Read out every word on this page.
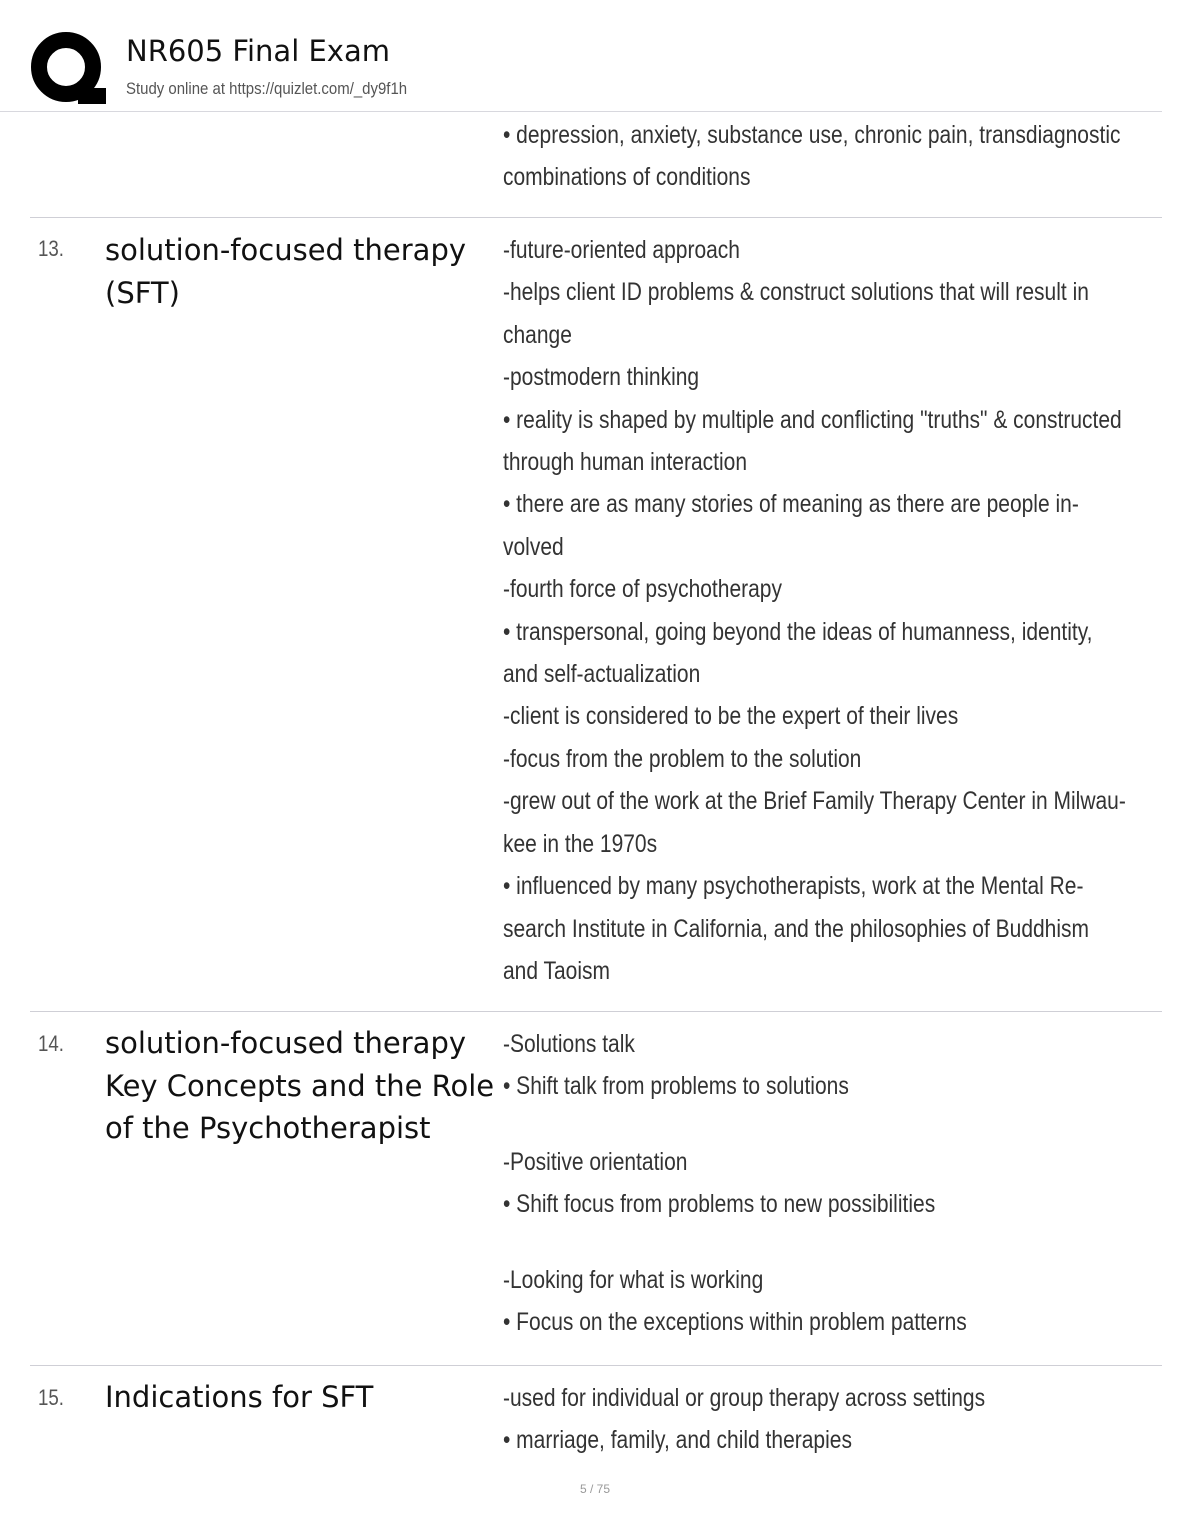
NR605 Final Exam
Study online at https://quizlet.com/_dy9f1h
• depression, anxiety, substance use, chronic pain, transdiagnostic
combinations of conditions
13. solution-focused therapy (SFT)
-future-oriented approach
-helps client ID problems & construct solutions that will result in
change
-postmodern thinking
• reality is shaped by multiple and conflicting "truths" & constructed
through human interaction
• there are as many stories of meaning as there are people in-
volved
-fourth force of psychotherapy
• transpersonal, going beyond the ideas of humanness, identity,
and self-actualization
-client is considered to be the expert of their lives
-focus from the problem to the solution
-grew out of the work at the Brief Family Therapy Center in Milwau-
kee in the 1970s
• influenced by many psychotherapists, work at the Mental Re-
search Institute in California, and the philosophies of Buddhism
and Taoism
14. solution-focused therapy Key Concepts and the Role of the Psychotherapist
-Solutions talk
• Shift talk from problems to solutions
-Positive orientation
• Shift focus from problems to new possibilities
-Looking for what is working
• Focus on the exceptions within problem patterns
15. Indications for SFT	-used for individual or group therapy across settings
• marriage, family, and child therapies
5 / 75
